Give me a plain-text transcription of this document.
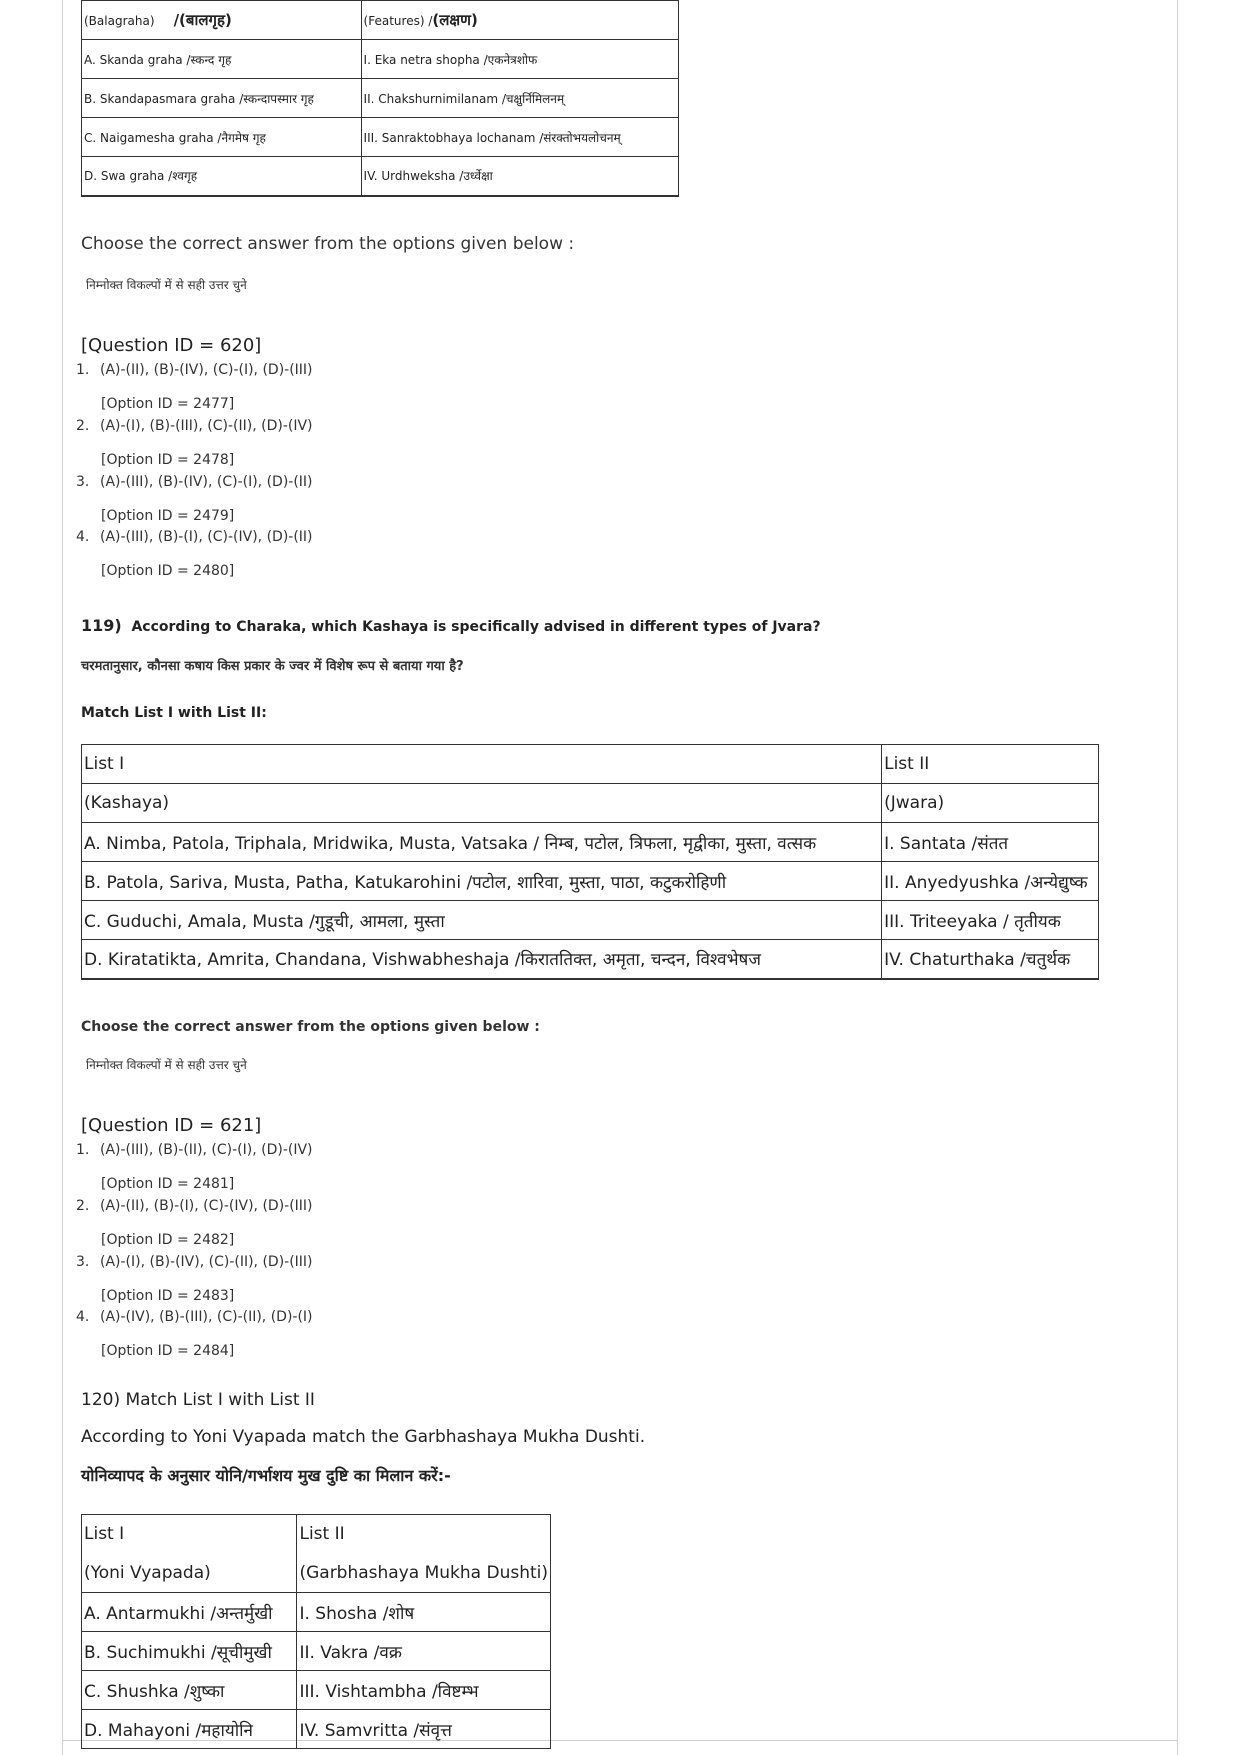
(Balagraha) /(बालगृह)	(Features) /(लक्षण)
A. Skanda graha /स्कन्द गृह	I. Eka netra shopha /एकनेत्रशोफ
B. Skandapasmara graha /स्कन्दापस्मार गृह	II. Chakshurnimilanam /चक्षुर्निमिलनम्
C. Naigamesha graha /नैगमेष गृह	III. Sanraktobhaya lochanam /संरक्तोभयलोचनम्
D. Swa graha /श्वगृह	IV. Urdhweksha /उर्ध्वेक्षा
Choose the correct answer from the options given below :
निम्नोक्त विकल्पों में से सही उत्तर चुने
[Question ID = 620]
1. (A)-(II), (B)-(IV), (C)-(I), (D)-(III)
[Option ID = 2477]
2. (A)-(I), (B)-(III), (C)-(II), (D)-(IV)
[Option ID = 2478]
3. (A)-(III), (B)-(IV), (C)-(I), (D)-(II)
[Option ID = 2479]
4. (A)-(III), (B)-(I), (C)-(IV), (D)-(II)
[Option ID = 2480]
119) According to Charaka, which Kashaya is specifically advised in different types of Jvara?
चरमतानुसार, कौनसा कषाय किस प्रकार के ज्वर में विशेष रूप से बताया गया है?
Match List I with List II:
List I	List II
(Kashaya)	(Jwara)
A. Nimba, Patola, Triphala, Mridwika, Musta, Vatsaka / निम्ब, पटोल, त्रिफला, मृद्वीका, मुस्ता, वत्सक	I. Santata /संतत
B. Patola, Sariva, Musta, Patha, Katukarohini /पटोल, शारिवा, मुस्ता, पाठा, कटुकरोहिणी	II. Anyedyushka /अन्येद्युष्क
C. Guduchi, Amala, Musta /गुडूची, आमला, मुस्ता	III. Triteeyaka / तृतीयक
D. Kiratatikta, Amrita, Chandana, Vishwabheshaja /किराततिक्त, अमृता, चन्दन, विश्वभेषज	IV. Chaturthaka /चतुर्थक
Choose the correct answer from the options given below :
निम्नोक्त विकल्पों में से सही उत्तर चुने
[Question ID = 621]
1. (A)-(III), (B)-(II), (C)-(I), (D)-(IV)
[Option ID = 2481]
2. (A)-(II), (B)-(I), (C)-(IV), (D)-(III)
[Option ID = 2482]
3. (A)-(I), (B)-(IV), (C)-(II), (D)-(III)
[Option ID = 2483]
4. (A)-(IV), (B)-(III), (C)-(II), (D)-(I)
[Option ID = 2484]
120) Match List I with List II
According to Yoni Vyapada match the Garbhashaya Mukha Dushti.
योनिव्यापद के अनुसार योनि/गर्भाशय मुख दुष्टि का मिलान करें:-
List I	List II
(Yoni Vyapada)	(Garbhashaya Mukha Dushti)
A. Antarmukhi /अन्तर्मुखी	I. Shosha /शोष
B. Suchimukhi /सूचीमुखी	II. Vakra /वक्र
C. Shushka /शुष्का	III. Vishtambha /विष्टम्भ
D. Mahayoni /महायोनि	IV. Samvritta /संवृत्त
